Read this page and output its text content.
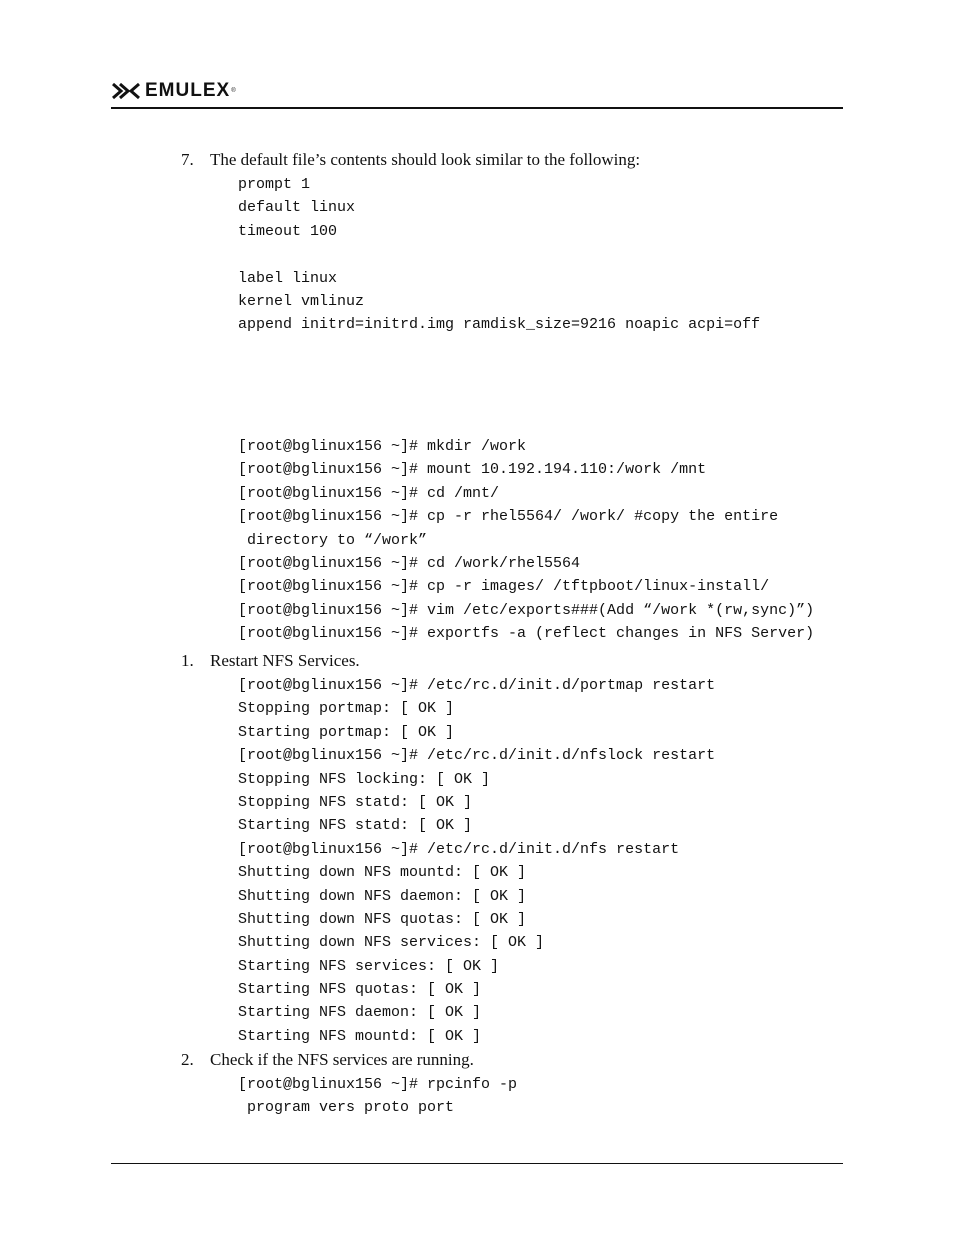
EMULEX ®
7. The default file’s contents should look similar to the following:
prompt 1
default linux
timeout 100
label linux
kernel vmlinuz
append initrd=initrd.img ramdisk_size=9216 noapic acpi=off
[root@bglinux156 ~]# mkdir /work
[root@bglinux156 ~]# mount 10.192.194.110:/work /mnt
[root@bglinux156 ~]# cd /mnt/
[root@bglinux156 ~]# cp -r rhel5564/ /work/ #copy the entire
directory to “/work”
[root@bglinux156 ~]# cd /work/rhel5564
[root@bglinux156 ~]# cp -r images/ /tftpboot/linux-install/
[root@bglinux156 ~]# vim /etc/exports###(Add “/work *(rw,sync)”)
[root@bglinux156 ~]# exportfs -a (reflect changes in NFS Server)
1. Restart NFS Services.
[root@bglinux156 ~]# /etc/rc.d/init.d/portmap restart
Stopping portmap: [ OK ]
Starting portmap: [ OK ]
[root@bglinux156 ~]# /etc/rc.d/init.d/nfslock restart
Stopping NFS locking: [ OK ]
Stopping NFS statd: [ OK ]
Starting NFS statd: [ OK ]
[root@bglinux156 ~]# /etc/rc.d/init.d/nfs restart
Shutting down NFS mountd: [ OK ]
Shutting down NFS daemon: [ OK ]
Shutting down NFS quotas: [ OK ]
Shutting down NFS services: [ OK ]
Starting NFS services: [ OK ]
Starting NFS quotas: [ OK ]
Starting NFS daemon: [ OK ]
Starting NFS mountd: [ OK ]
2. Check if the NFS services are running.
[root@bglinux156 ~]# rpcinfo -p
program vers proto port
